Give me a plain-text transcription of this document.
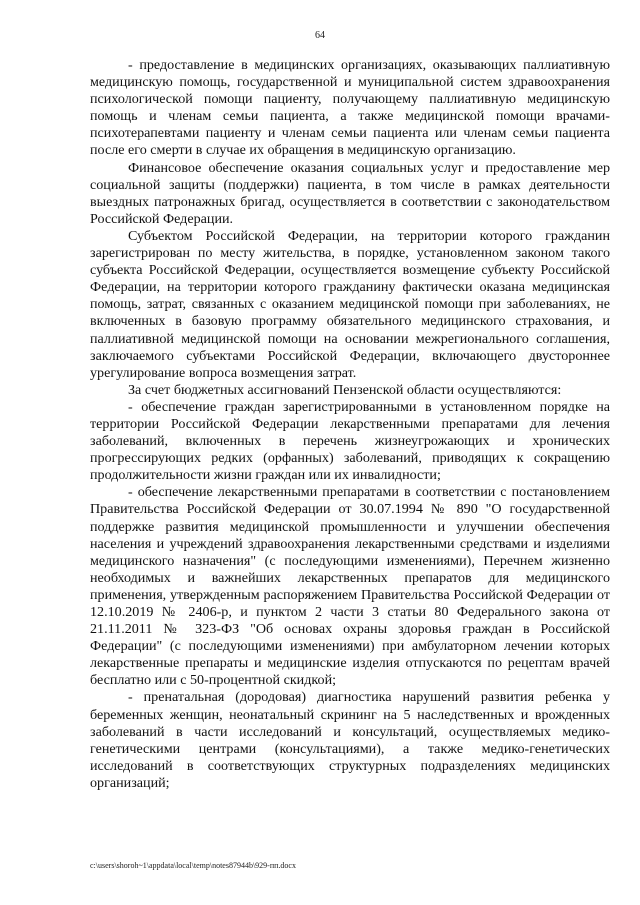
64

- предоставление в медицинских организациях, оказывающих паллиативную медицинскую помощь, государственной и муниципальной систем здравоохранения психологической помощи пациенту, получающему паллиативную медицинскую помощь и членам семьи пациента, а также медицинской помощи врачами-психотерапевтами пациенту и членам семьи пациента или членам семьи пациента после его смерти в случае их обращения в медицинскую организацию.

Финансовое обеспечение оказания социальных услуг и предоставление мер социальной защиты (поддержки) пациента, в том числе в рамках деятельности выездных патронажных бригад, осуществляется в соответствии с законодательством Российской Федерации.

Субъектом Российской Федерации, на территории которого гражданин зарегистрирован по месту жительства, в порядке, установленном законом такого субъекта Российской Федерации, осуществляется возмещение субъекту Российской Федерации, на территории которого гражданину фактически оказана медицинская помощь, затрат, связанных с оказанием медицинской помощи при заболеваниях, не включенных в базовую программу обязательного медицинского страхования, и паллиативной медицинской помощи на основании межрегионального соглашения, заключаемого субъектами Российской Федерации, включающего двустороннее урегулирование вопроса возмещения затрат.

За счет бюджетных ассигнований Пензенской области осуществляются:

- обеспечение граждан зарегистрированными в установленном порядке на территории Российской Федерации лекарственными препаратами для лечения заболеваний, включенных в перечень жизнеугрожающих и хронических прогрессирующих редких (орфанных) заболеваний, приводящих к сокращению продолжительности жизни граждан или их инвалидности;

- обеспечение лекарственными препаратами в соответствии с постановлением Правительства Российской Федерации от 30.07.1994 № 890 "О государственной поддержке развития медицинской промышленности и улучшении обеспечения населения и учреждений здравоохранения лекарственными средствами и изделиями медицинского назначения" (с последующими изменениями), Перечнем жизненно необходимых и важнейших лекарственных препаратов для медицинского применения, утвержденным распоряжением Правительства Российской Федерации от 12.10.2019 № 2406-р, и пунктом 2 части 3 статьи 80 Федерального закона от 21.11.2011 № 323-ФЗ "Об основах охраны здоровья граждан в Российской Федерации" (с последующими изменениями) при амбулаторном лечении которых лекарственные препараты и медицинские изделия отпускаются по рецептам врачей бесплатно или с 50-процентной скидкой;

- пренатальная (дородовая) диагностика нарушений развития ребенка у беременных женщин, неонатальный скрининг на 5 наследственных и врожденных заболеваний в части исследований и консультаций, осуществляемых медико-генетическими центрами (консультациями), а также медико-генетических исследований в соответствующих структурных подразделениях медицинских организаций;

c:\users\shoroh~1\appdata\local\temp\notes87944b\929-пп.docx
